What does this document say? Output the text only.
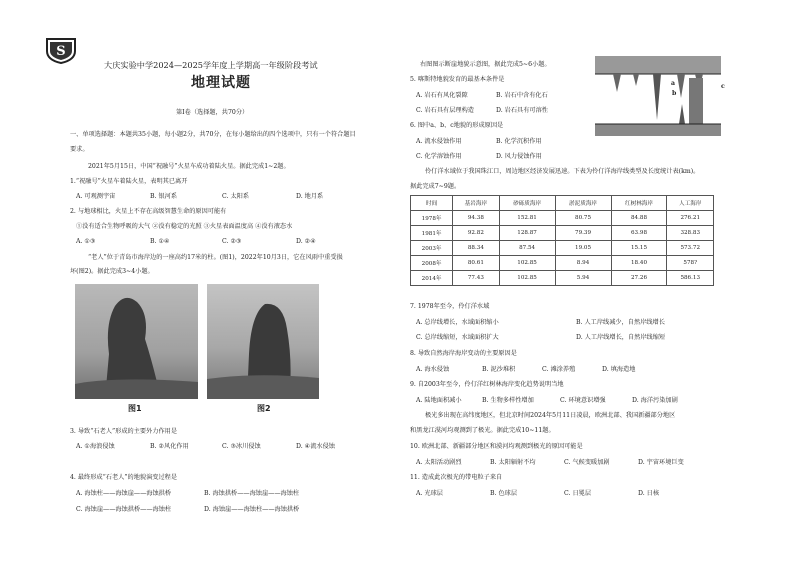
S
大庆实验中学2024—2025学年度上学期高一年级阶段考试
地理试题
第Ⅰ卷（选择题，共70分）
一、单项选择题：本题共35小题，每小题2分，共70分，在每小题给出的四个选项中，只有一个符合题目
要求。
2021年5月15日，中国“祝融号”火星车成功着陆火星。据此完成1~2题。
1.“祝融号”火星车着陆火星，表明其已离开
A. 可观测宇宙	B. 银河系	C. 太阳系	D. 地月系
2. 与地球相比，火星上不存在高级智慧生命的原因可能有
①没有适合生物呼吸的大气 ②没有稳定的光照 ③火星表面温度高 ④没有液态水
A. ①③	B. ①④	C. ②③	D. ②④
“老人”位于青岛市海岸边的一座高约17米的柱。(图1)，2022年10月3日，它在风雨中重受损
坏(图2)。据此完成3~4小题。
图1	图2
3. 导致“石老人”形成的主要外力作用是
A. ①海浪侵蚀	B. ②风化作用	C. ③冰川侵蚀	D. ④流水侵蚀
4. 最终形成“石老人”的地貌演变过程是
A. 海蚀柱——海蚀崖——海蚀拱桥	B. 海蚀拱桥——海蚀崖——海蚀柱
C. 海蚀崖——海蚀拱桥——海蚀柱	D. 海蚀崖——海蚀柱——海蚀拱桥
右图图示断崖地貌示意图，据此完成5~6小题。
a
b
c
5. 喀斯特地貌发育的最基本条件是
A. 岩石有风化裂隙	B. 岩石中含有化石
C. 岩石具有层理构造	D. 岩石具有可溶性
6. 图中a、b、c地貌的形成原因是
A. 流水侵蚀作用	B. 化学沉积作用
C. 化学溶蚀作用	D. 风力侵蚀作用
伶仃洋水域位于我国珠江口，周边地区经济发展迅速。下表为伶仃洋海岸线类型及长度统计表(km)。
据此完成7~9题。
时间	基岩海岸	砂砾质海岸	淤泥质海岸	红树林海岸	人工海岸
1978年	94.38	152.81	80.75	84.88	276.21
1981年	92.82	128.87	79.39	63.98	328.83
2003年	88.34	87.54	19.05	15.15	573.72
2008年	80.61	102.85	8.94	18.40	578?
2014年	77.43	102.85	5.94	27.26	586.13
7. 1978年至今，伶仃洋水域
A. 总岸线增长，水域面积缩小	B. 人工岸线减少，自然岸线增长
C. 总岸线缩短，水域面积扩大	D. 人工岸线增长，自然岸线缩短
8. 导致自然海岸海岸变动的主要原因是
A. 海水侵蚀	B. 泥沙堆积	C. 滩涂养殖	D. 填海造地
9. 自2003年至今，伶仃洋红树林海岸变化趋势说明当地
A. 陆地面积减小	B. 生物多样性增加	C. 环境意识增强	D. 海洋污染加剧
极光多出现在高纬度地区，但北京时间2024年5月11日凌晨，欧洲北部、我国新疆部分地区
和黑龙江漠河均观测到了极光。据此完成10~11题。
10. 欧洲北部、新疆部分地区和漠河均观测到极光的原因可能是
A. 太阳活动剧烈	B. 太阳辐射不均	C. 气候变暖加剧	D. 宇宙环境巨变
11. 造成此次极光的带电粒子来自
A. 光球层	B. 色球层	C. 日冕层	D. 日核
